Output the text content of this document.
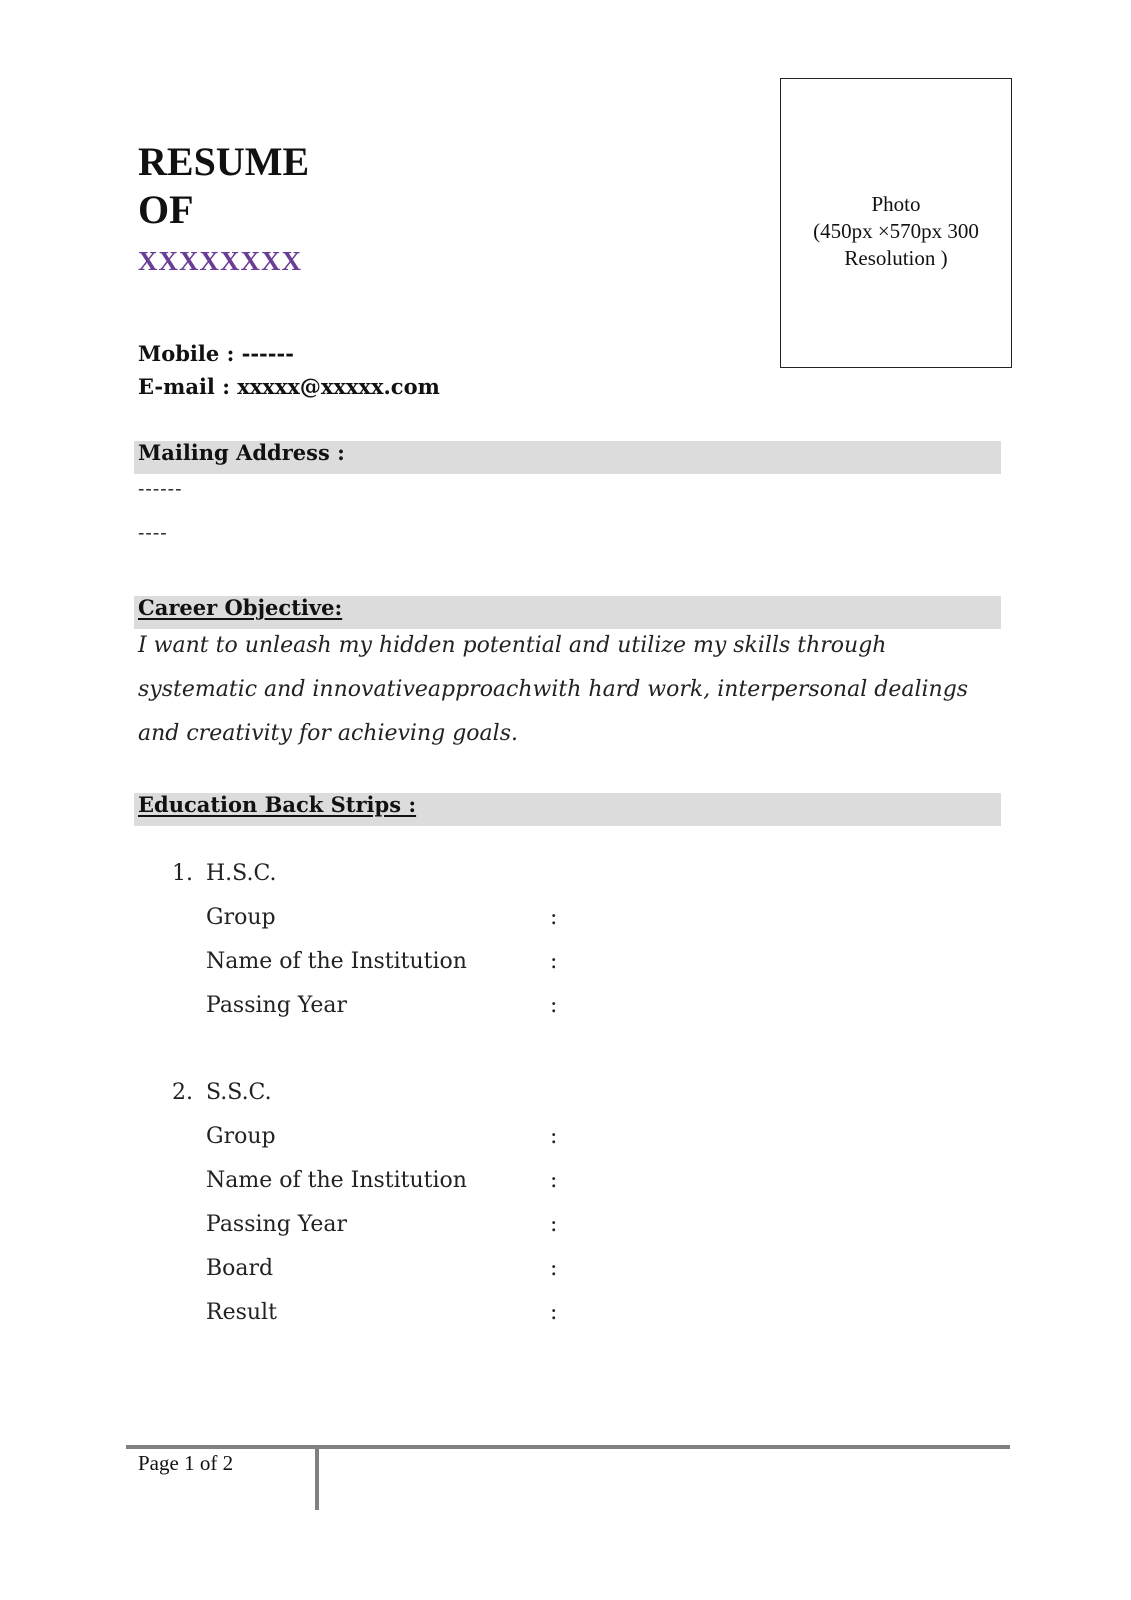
RESUME
OF
XXXXXXXX
Photo
(450px ×570px 300
Resolution )
Mobile : ------
E-mail : xxxxx@xxxxx.com
Mailing Address :
------
----
Career Objective:
I want to unleash my hidden potential and utilize my skills through systematic and innovativeapproachwith hard work, interpersonal dealings and creativity for achieving goals.
Education Back Strips :
1. H.S.C.
Group	:
Name of the Institution	:
Passing Year	:
2. S.S.C.
Group	:
Name of the Institution	:
Passing Year	:
Board	:
Result	:
Page 1 of 2
